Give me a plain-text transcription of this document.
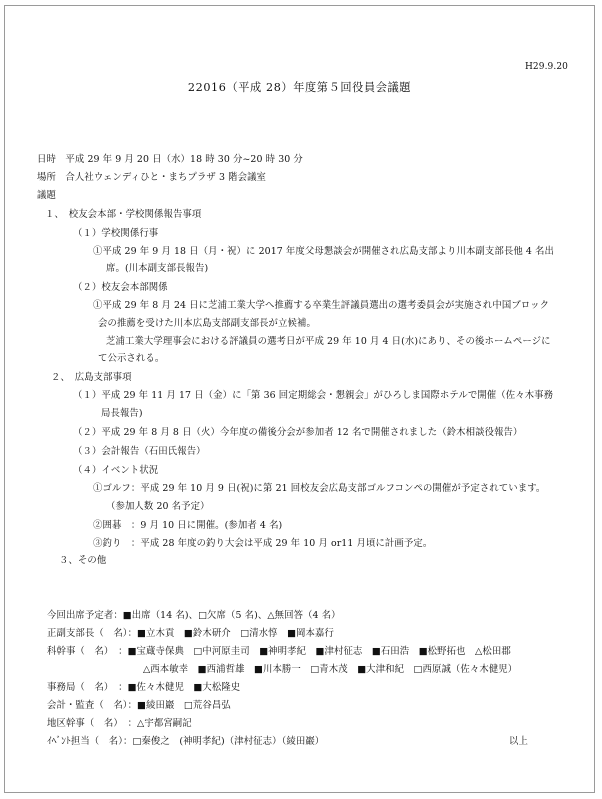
H29.9.20
22016（平成 28）年度第５回役員会議題
日時　平成 29 年 9 月 20 日（水）18 時 30 分~20 時 30 分
場所　合人社ウェンディひと・まちプラザ 3 階会議室
議題
１、　校友会本部・学校関係報告事項
（１）学校関係行事
①平成 29 年 9 月 18 日（月・祝）に 2017 年度父母懇談会が開催され広島支部より川本副支部長他 4 名出
席。(川本副支部長報告)
（２）校友会本部関係
①平成 29 年 8 月 24 日に芝浦工業大学へ推薦する卒業生評議員選出の選考委員会が実施され中国ブロック
会の推薦を受けた川本広島支部副支部長が立候補。
芝浦工業大学理事会における評議員の選考日が平成 29 年 10 月 4 日(水)にあり、その後ホームページに
て公示される。
２、　広島支部事項
（１）平成 29 年 11 月 17 日（金）に「第 36 回定期総会・懇親会」がひろしま国際ホテルで開催（佐々木事務
局長報告)
（２）平成 29 年 8 月 8 日（火）今年度の備後分会が参加者 12 名で開催されました（鈴木相談役報告）
（３）会計報告（石田氏報告）
（４）イベント状況
①ゴルフ：平成 29 年 10 月 9 日(祝)に第 21 回校友会広島支部ゴルフコンペの開催が予定されています。
（参加人数 20 名予定）
②囲碁　：9 月 10 日に開催。(参加者 4 名)
③釣り　：平成 28 年度の釣り大会は平成 29 年 10 月 or11 月頃に計画予定。
３、その他
今回出席予定者：■出席（14 名)、□欠席（5 名)、△無回答（4 名）
正副支部長（　名）：■立木貢　■鈴木研介　□清水惇　■岡本嘉行
科幹事（　名）　：■宝蔵寺保典　□中河原圭司　■神明孝紀　■津村征志　■石田浩　■松野拓也　△松田郡
△西本敏幸　■西浦哲雄　■川本勝一　□青木茂　■大津和紀　□西原誠（佐々木健児）
事務局（　名）　：■佐々木健児　■大松隆史
会計・監査（　名）：■綾田巖　□荒谷昌弘
地区幹事（　名）　：△宇都宮嗣記
ｲﾍﾞﾝﾄ担当（　名）：□秦俊之　(神明孝紀)（津村征志）（綾田巖）	以上
